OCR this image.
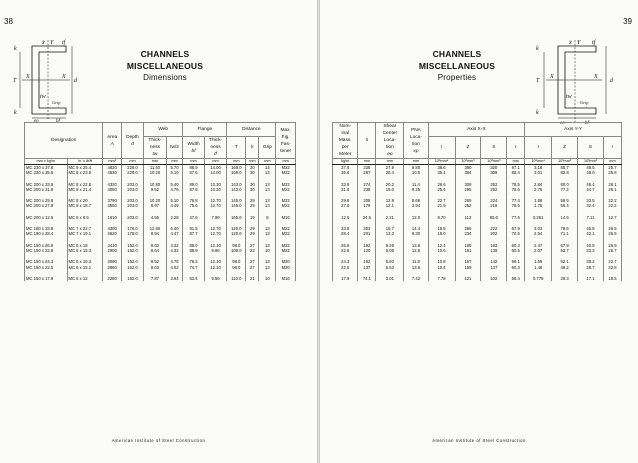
38
x̄ Y tf
k
T
X	X
d
tw
Grip
k
eo	bf
CHANNELS
MISCELLANEOUS
Dimensions
Designation		Area
A	Depth
d	Web		Flange		Distance			Max.
Fig.
Fas-
tener
				Thick-
ness
tw	tw/2	Width
bf	Thick-
ness
tf	T	k	Grip	
mm x kg/m	in. x lb/ft	mm²	mm	mm	mm	mm	mm	mm	mm	mm	mm
MC 230 x 37.8	MC 9 x 25.4	4820	229.0	11.40	5.70	88.9	14.00	169.0	30	14	M22
MC 230 x 35.6	MC 9 x 23.9	4530	229.0	10.20	5.10	87.6	14.00	169.0	30	14	M22

MC 200 x 33.9	MC 8 x 22.8	4320	203.0	10.80	5.40	89.0	13.30	143.0	30	13	M22
MC 200 x 31.8	MC 8 x 21.4	4050	203.0	9.52	4.76	87.6	13.30	143.0	30	13	M22

MC 200 x 29.8	MC 8 x 20	3790	203.0	10.20	5.10	76.8	12.70	145.0	29	13	M22
MC 200 x 27.8	MC 8 x 18.7	3550	203.0	8.97	4.49	75.6	12.70	145.0	29	13	M22

MC 200 x 12.6	MC 8 x 8.5	1610	203.0	4.55	2.28	47.6	7.90	165.0	19	8	M16

MC 180 x 33.8	MC 7 x 22.7	4300	178.0	12.80	6.40	91.5	12.70	120.0	29	13	M22
MC 180 x 28.4	MC 7 x 19.1	3620	178.0	8.94	4.47	87.7	12.70	120.0	29	13	M22

MC 150 x 26.8	MC 6 x 18	3410	152.0	8.63	4.32	88.0	12.10	98.0	27	13	M22
MC 150 x 22.8	MC 6 x 15.3	2900	152.0	8.64	4.32	88.9	9.80	108.0	22	10	M22

MC 150 x 24.3	MC 6 x 16.3	3090	152.0	9.52	4.76	76.2	12.10	98.0	27	13	M20
MC 150 x 22.5	MC 6 x 15.1	2860	152.0	8.03	4.02	74.7	12.10	98.0	27	13	M20

MC 150 x 17.9	MC 6 x 12	2280	152.0	7.87	3.94	63.4	9.50	110.0	21	10	M16
American Institute of Steel Construction
39
CHANNELS
MISCELLANEOUS
Properties
x̄ Y tf
k
T
X	X
d
tw
Grip
k
eo	bf
Nom-
inal
Mass.
per
Meter	x̄	Shear
Center
Loca-
tion
eo	PNA
Loca-
tion
xp	Axis X-X				Axis Y-Y			
				I	Z	S	r	I	Z	S	r
kg/m	mm	mm	mm	10⁶mm⁴	10³mm³	10³mm³	mm	10⁶mm⁴	10³mm³	10³mm³	mm
37.8	328	27.9	9.80	36.6	380	320	87.1	3.18	85.7	49.5	25.7
35.6	287	28.4	10.5	35.4	364	309	88.4	3.01	82.8	48.0	25.8

33.9	274	20.2	11.4	26.6	308	262	78.5	2.84	80.0	46.4	26.1
31.8	238	19.0	9.25	25.6	295	252	79.5	2.76	77.2	44.7	26.1

29.8	208	12.9	8.66	22.7	265	224	77.4	1.86	58.5	33.5	22.2
27.8	179	12.1	3.94	21.9	252	216	78.5	1.75	56.4	32.4	22.2

12.6	24.6	2.21	12.0	9.70	113	95.6	77.6	0.261	14.5	7.11	12.7

33.8	303	15.7	14.4	19.8	265	222	67.9	3.03	79.6	45.8	26.5
28.4	201	13.3	9.30	18.0	234	202	70.5	2.54	71.1	42.1	26.5

26.8	192	9.29	13.8	12.4	188	163	60.3	2.47	67.8	40.8	26.9
22.8	120	6.08	12.6	10.6	161	139	60.5	2.07	53.7	33.3	26.7

24.3	162	5.93	11.8	10.8	167	142	59.1	1.59	52.1	30.2	22.7
22.5	137	5.53	13.6	10.4	159	137	60.3	1.46	49.2	28.7	22.8

17.9	74.1	3.01	7.42	7.78	121	102	58.4	0.778	29.3	17.1	18.5
American Institute of Steel Construction
